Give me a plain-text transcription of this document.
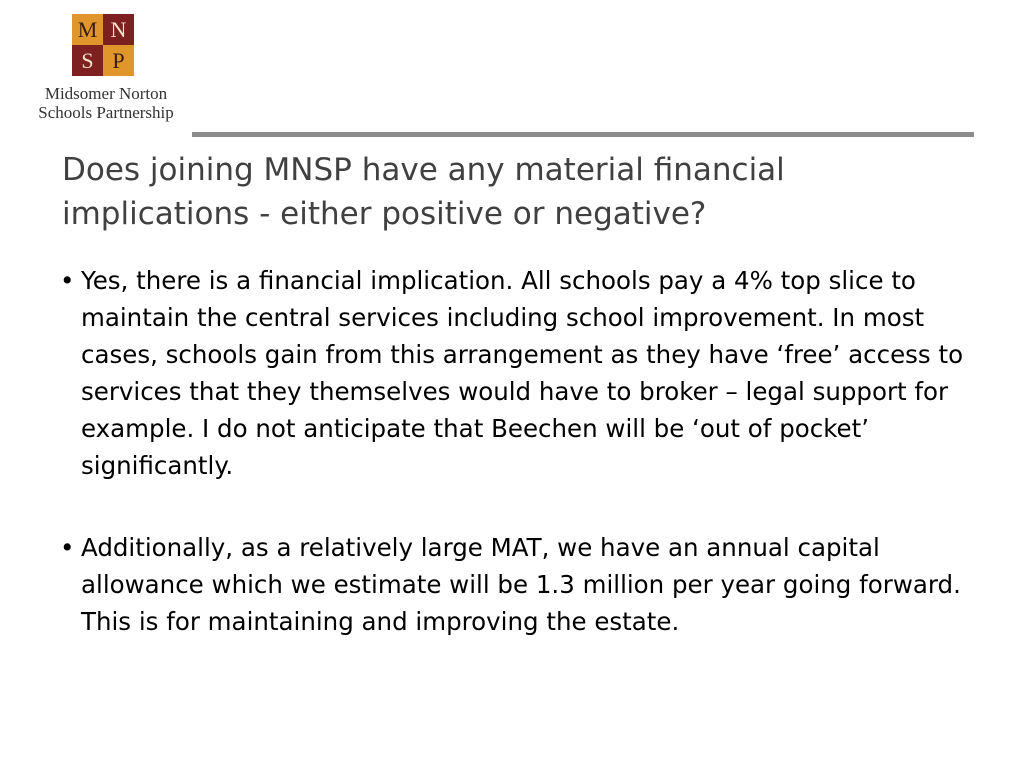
M N
S P
Midsomer Norton
Schools Partnership
Does joining MNSP have any material financial implications - either positive or negative?
• Yes, there is a financial implication. All schools pay a 4% top slice to maintain the central services including school improvement. In most cases, schools gain from this arrangement as they have ‘free’ access to services that they themselves would have to broker – legal support for example. I do not anticipate that Beechen will be ‘out of pocket’ significantly.
• Additionally, as a relatively large MAT, we have an annual capital allowance which we estimate will be 1.3 million per year going forward. This is for maintaining and improving the estate.
